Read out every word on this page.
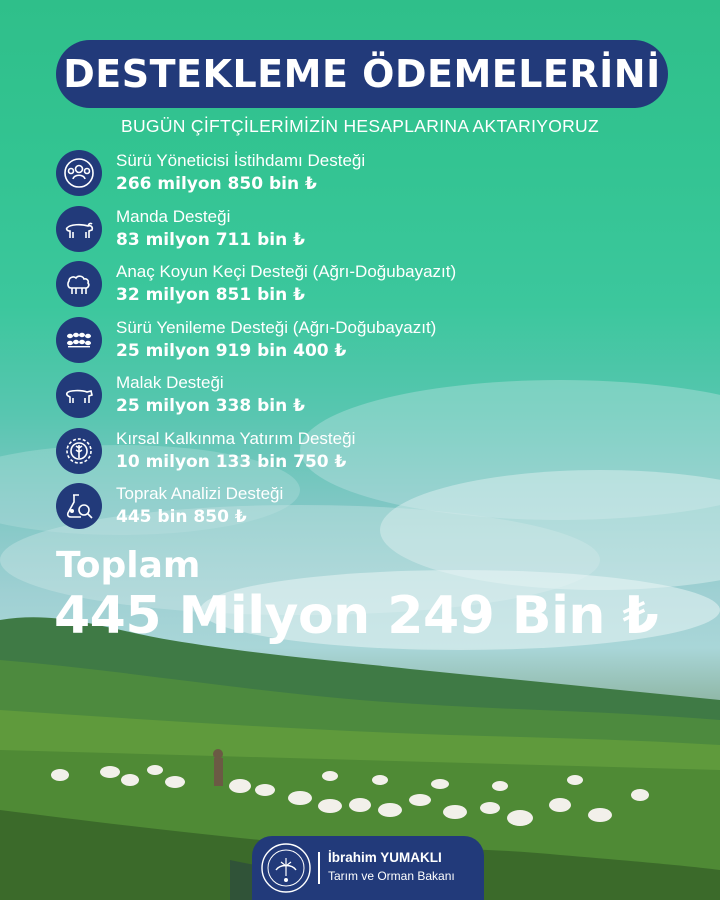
DESTEKLEME ÖDEMELERİNİ
BUGÜN ÇİFTÇİLERİMİZİN HESAPLARINA AKTARIYORUZ
Sürü Yöneticisi İstihdamı Desteği
266 milyon 850 bin ₺
Manda Desteği
83 milyon 711 bin ₺
Anaç Koyun Keçi Desteği (Ağrı-Doğubayazıt)
32 milyon 851 bin ₺
Sürü Yenileme Desteği (Ağrı-Doğubayazıt)
25 milyon 919 bin 400 ₺
Malak Desteği
25 milyon 338 bin ₺
Kırsal Kalkınma Yatırım Desteği
10 milyon 133 bin 750 ₺
Toprak Analizi Desteği
445 bin 850 ₺
Toplam
445 Milyon 249 Bin ₺
İbrahim YUMAKLI
Tarım ve Orman Bakanı
